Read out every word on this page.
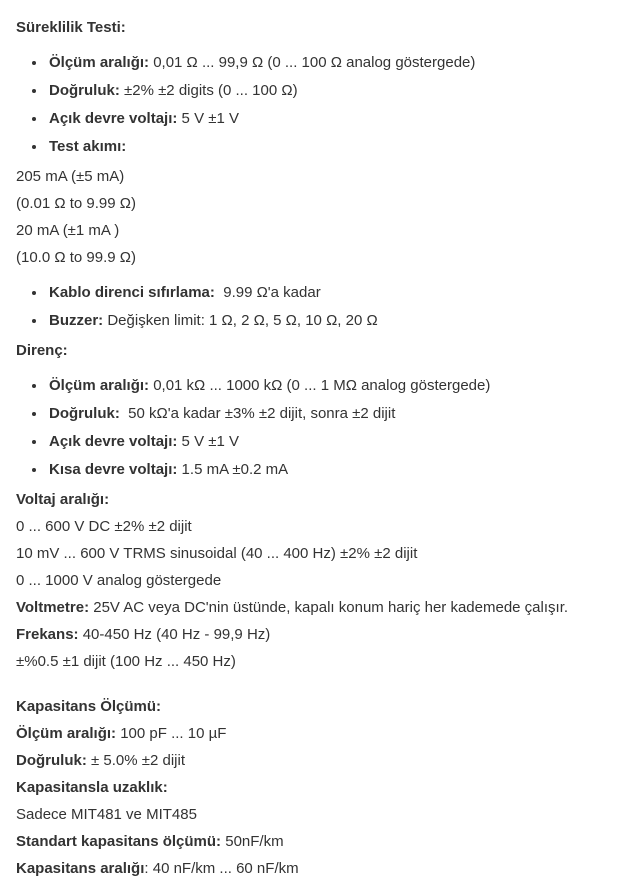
Süreklilik Testi:

• Ölçüm aralığı: 0,01 Ω ... 99,9 Ω (0 ... 100 Ω analog göstergede)
• Doğruluk: ±2% ±2 digits (0 ... 100 Ω)
• Açık devre voltajı: 5 V ±1 V
• Test akımı:

205 mA (±5 mA)

(0.01 Ω to 9.99 Ω)

20 mA (±1 mA )

(10.0 Ω to 99.9 Ω)

• Kablo direnci sıfırlama:  9.99 Ω'a kadar
• Buzzer: Değişken limit: 1 Ω, 2 Ω, 5 Ω, 10 Ω, 20 Ω

Direnç:

• Ölçüm aralığı: 0,01 kΩ ... 1000 kΩ (0 ... 1 MΩ analog göstergede)
• Doğruluk:  50 kΩ'a kadar ±3% ±2 dijit, sonra ±2 dijit
• Açık devre voltajı: 5 V ±1 V
• Kısa devre voltajı: 1.5 mA ±0.2 mA

Voltaj aralığı:

0 ... 600 V DC ±2% ±2 dijit

10 mV ... 600 V TRMS sinusoidal (40 ... 400 Hz) ±2% ±2 dijit

0 ... 1000 V analog göstergede

Voltmetre: 25V AC veya DC'nin üstünde, kapalı konum hariç her kademede çalışır.

Frekans: 40-450 Hz (40 Hz - 99,9 Hz)

±%0.5 ±1 dijit (100 Hz ... 450 Hz)

Kapasitans Ölçümü:

Ölçüm aralığı: 100 pF ... 10 µF

Doğruluk: ± 5.0% ±2 dijit

Kapasitansla uzaklık:

Sadece MIT481 ve MIT485

Standart kapasitans ölçümü: 50nF/km

Kapasitans aralığı: 40 nF/km ... 60 nF/km
